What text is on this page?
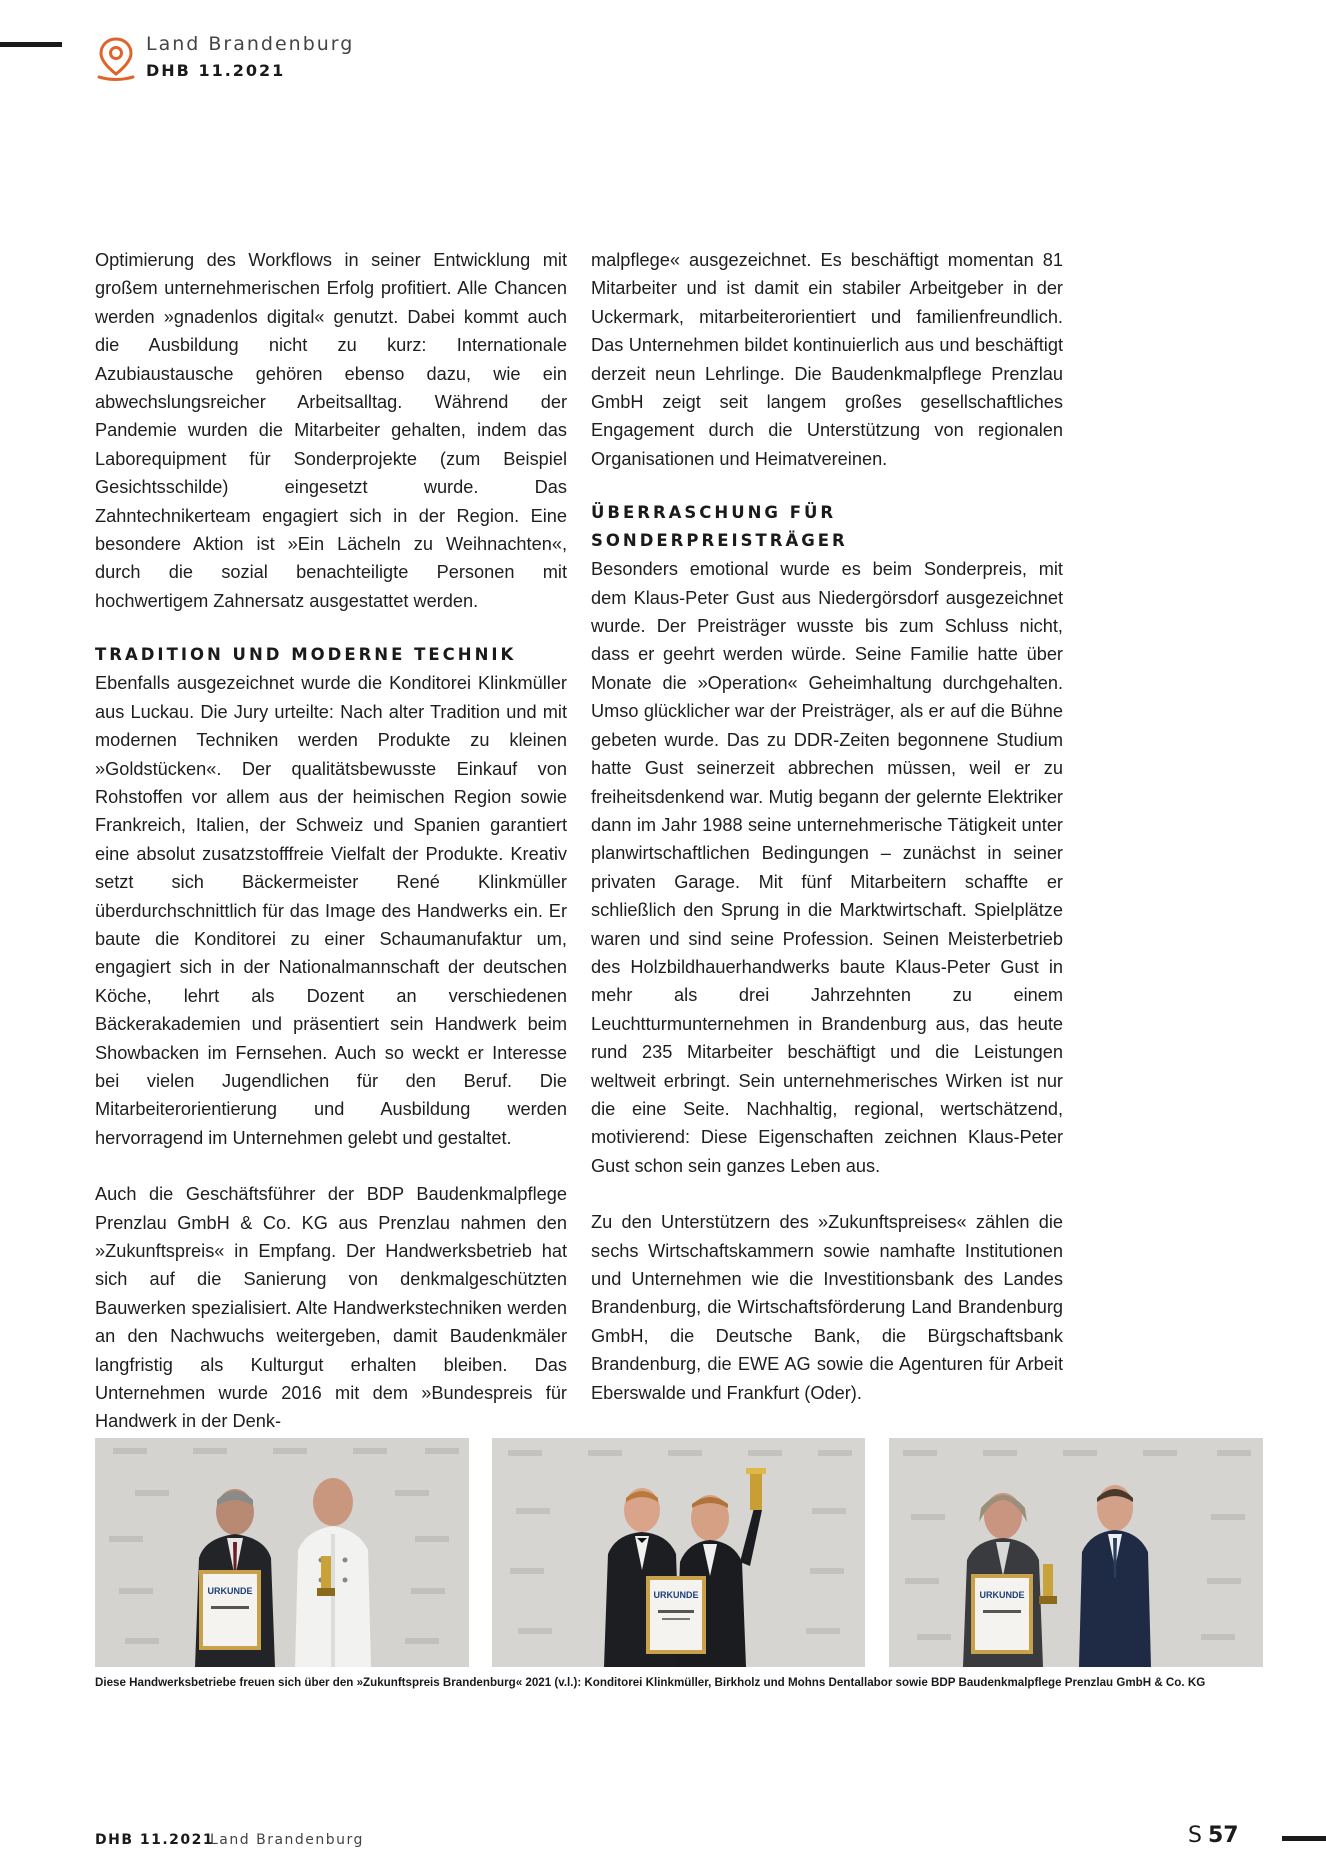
Land Brandenburg
DHB 11.2021

Optimierung des Workflows in seiner Entwicklung mit großem unternehmerischen Erfolg profitiert. Alle Chancen werden »gnadenlos digital« genutzt. Dabei kommt auch die Ausbildung nicht zu kurz: Internationale Azubiaustausche gehören ebenso dazu, wie ein abwechslungsreicher Arbeitsalltag. Während der Pandemie wurden die Mitarbeiter gehalten, indem das Laborequipment für Sonderprojekte (zum Beispiel Gesichtsschilde) eingesetzt wurde. Das Zahntechnikerteam engagiert sich in der Region. Eine besondere Aktion ist »Ein Lächeln zu Weihnachten«, durch die sozial benachteiligte Personen mit hochwertigem Zahnersatz ausgestattet werden.

TRADITION UND MODERNE TECHNIK

Ebenfalls ausgezeichnet wurde die Konditorei Klinkmüller aus Luckau. Die Jury urteilte: Nach alter Tradition und mit modernen Techniken werden Produkte zu kleinen »Goldstücken«. Der qualitätsbewusste Einkauf von Rohstoffen vor allem aus der heimischen Region sowie Frankreich, Italien, der Schweiz und Spanien garantiert eine absolut zusatzstofffreie Vielfalt der Produkte. Kreativ setzt sich Bäckermeister René Klinkmüller überdurchschnittlich für das Image des Handwerks ein. Er baute die Konditorei zu einer Schaumanufaktur um, engagiert sich in der Nationalmannschaft der deutschen Köche, lehrt als Dozent an verschiedenen Bäckerakademien und präsentiert sein Handwerk beim Showbacken im Fernsehen. Auch so weckt er Interesse bei vielen Jugendlichen für den Beruf. Die Mitarbeiterorientierung und Ausbildung werden hervorragend im Unternehmen gelebt und gestaltet.

Auch die Geschäftsführer der BDP Baudenkmalpflege Prenzlau GmbH & Co. KG aus Prenzlau nahmen den »Zukunftspreis« in Empfang. Der Handwerksbetrieb hat sich auf die Sanierung von denkmalgeschützten Bauwerken spezialisiert. Alte Handwerkstechniken werden an den Nachwuchs weitergeben, damit Baudenkmäler langfristig als Kulturgut erhalten bleiben. Das Unternehmen wurde 2016 mit dem »Bundespreis für Handwerk in der Denk-

malpflege« ausgezeichnet. Es beschäftigt momentan 81 Mitarbeiter und ist damit ein stabiler Arbeitgeber in der Uckermark, mitarbeiterorientiert und familienfreundlich. Das Unternehmen bildet kontinuierlich aus und beschäftigt derzeit neun Lehrlinge. Die Baudenkmalpflege Prenzlau GmbH zeigt seit langem großes gesellschaftliches Engagement durch die Unterstützung von regionalen Organisationen und Heimatvereinen.

ÜBERRASCHUNG FÜR SONDERPREISTRÄGER

Besonders emotional wurde es beim Sonderpreis, mit dem Klaus-Peter Gust aus Niedergörsdorf ausgezeichnet wurde. Der Preisträger wusste bis zum Schluss nicht, dass er geehrt werden würde. Seine Familie hatte über Monate die »Operation« Geheimhaltung durchgehalten. Umso glücklicher war der Preisträger, als er auf die Bühne gebeten wurde. Das zu DDR-Zeiten begonnene Studium hatte Gust seinerzeit abbrechen müssen, weil er zu freiheitsdenkend war. Mutig begann der gelernte Elektriker dann im Jahr 1988 seine unternehmerische Tätigkeit unter planwirtschaftlichen Bedingungen – zunächst in seiner privaten Garage. Mit fünf Mitarbeitern schaffte er schließlich den Sprung in die Marktwirtschaft. Spielplätze waren und sind seine Profession. Seinen Meisterbetrieb des Holzbildhauerhandwerks baute Klaus-Peter Gust in mehr als drei Jahrzehnten zu einem Leuchtturmunternehmen in Brandenburg aus, das heute rund 235 Mitarbeiter beschäftigt und die Leistungen weltweit erbringt. Sein unternehmerisches Wirken ist nur die eine Seite. Nachhaltig, regional, wertschätzend, motivierend: Diese Eigenschaften zeichnen Klaus-Peter Gust schon sein ganzes Leben aus.

Zu den Unterstützern des »Zukunftspreises« zählen die sechs Wirtschaftskammern sowie namhafte Institutionen und Unternehmen wie die Investitionsbank des Landes Brandenburg, die Wirtschaftsförderung Land Brandenburg GmbH, die Deutsche Bank, die Bürgschaftsbank Brandenburg, die EWE AG sowie die Agenturen für Arbeit Eberswalde und Frankfurt (Oder).

URKUNDE	URKUNDE	URKUNDE
Diese Handwerksbetriebe freuen sich über den »Zukunftspreis Brandenburg« 2021 (v.l.): Konditorei Klinkmüller, Birkholz und Mohns Dentallabor sowie BDP Baudenkmalpflege Prenzlau GmbH & Co. KG
DHB 11.2021
Land Brandenburg	S 57
